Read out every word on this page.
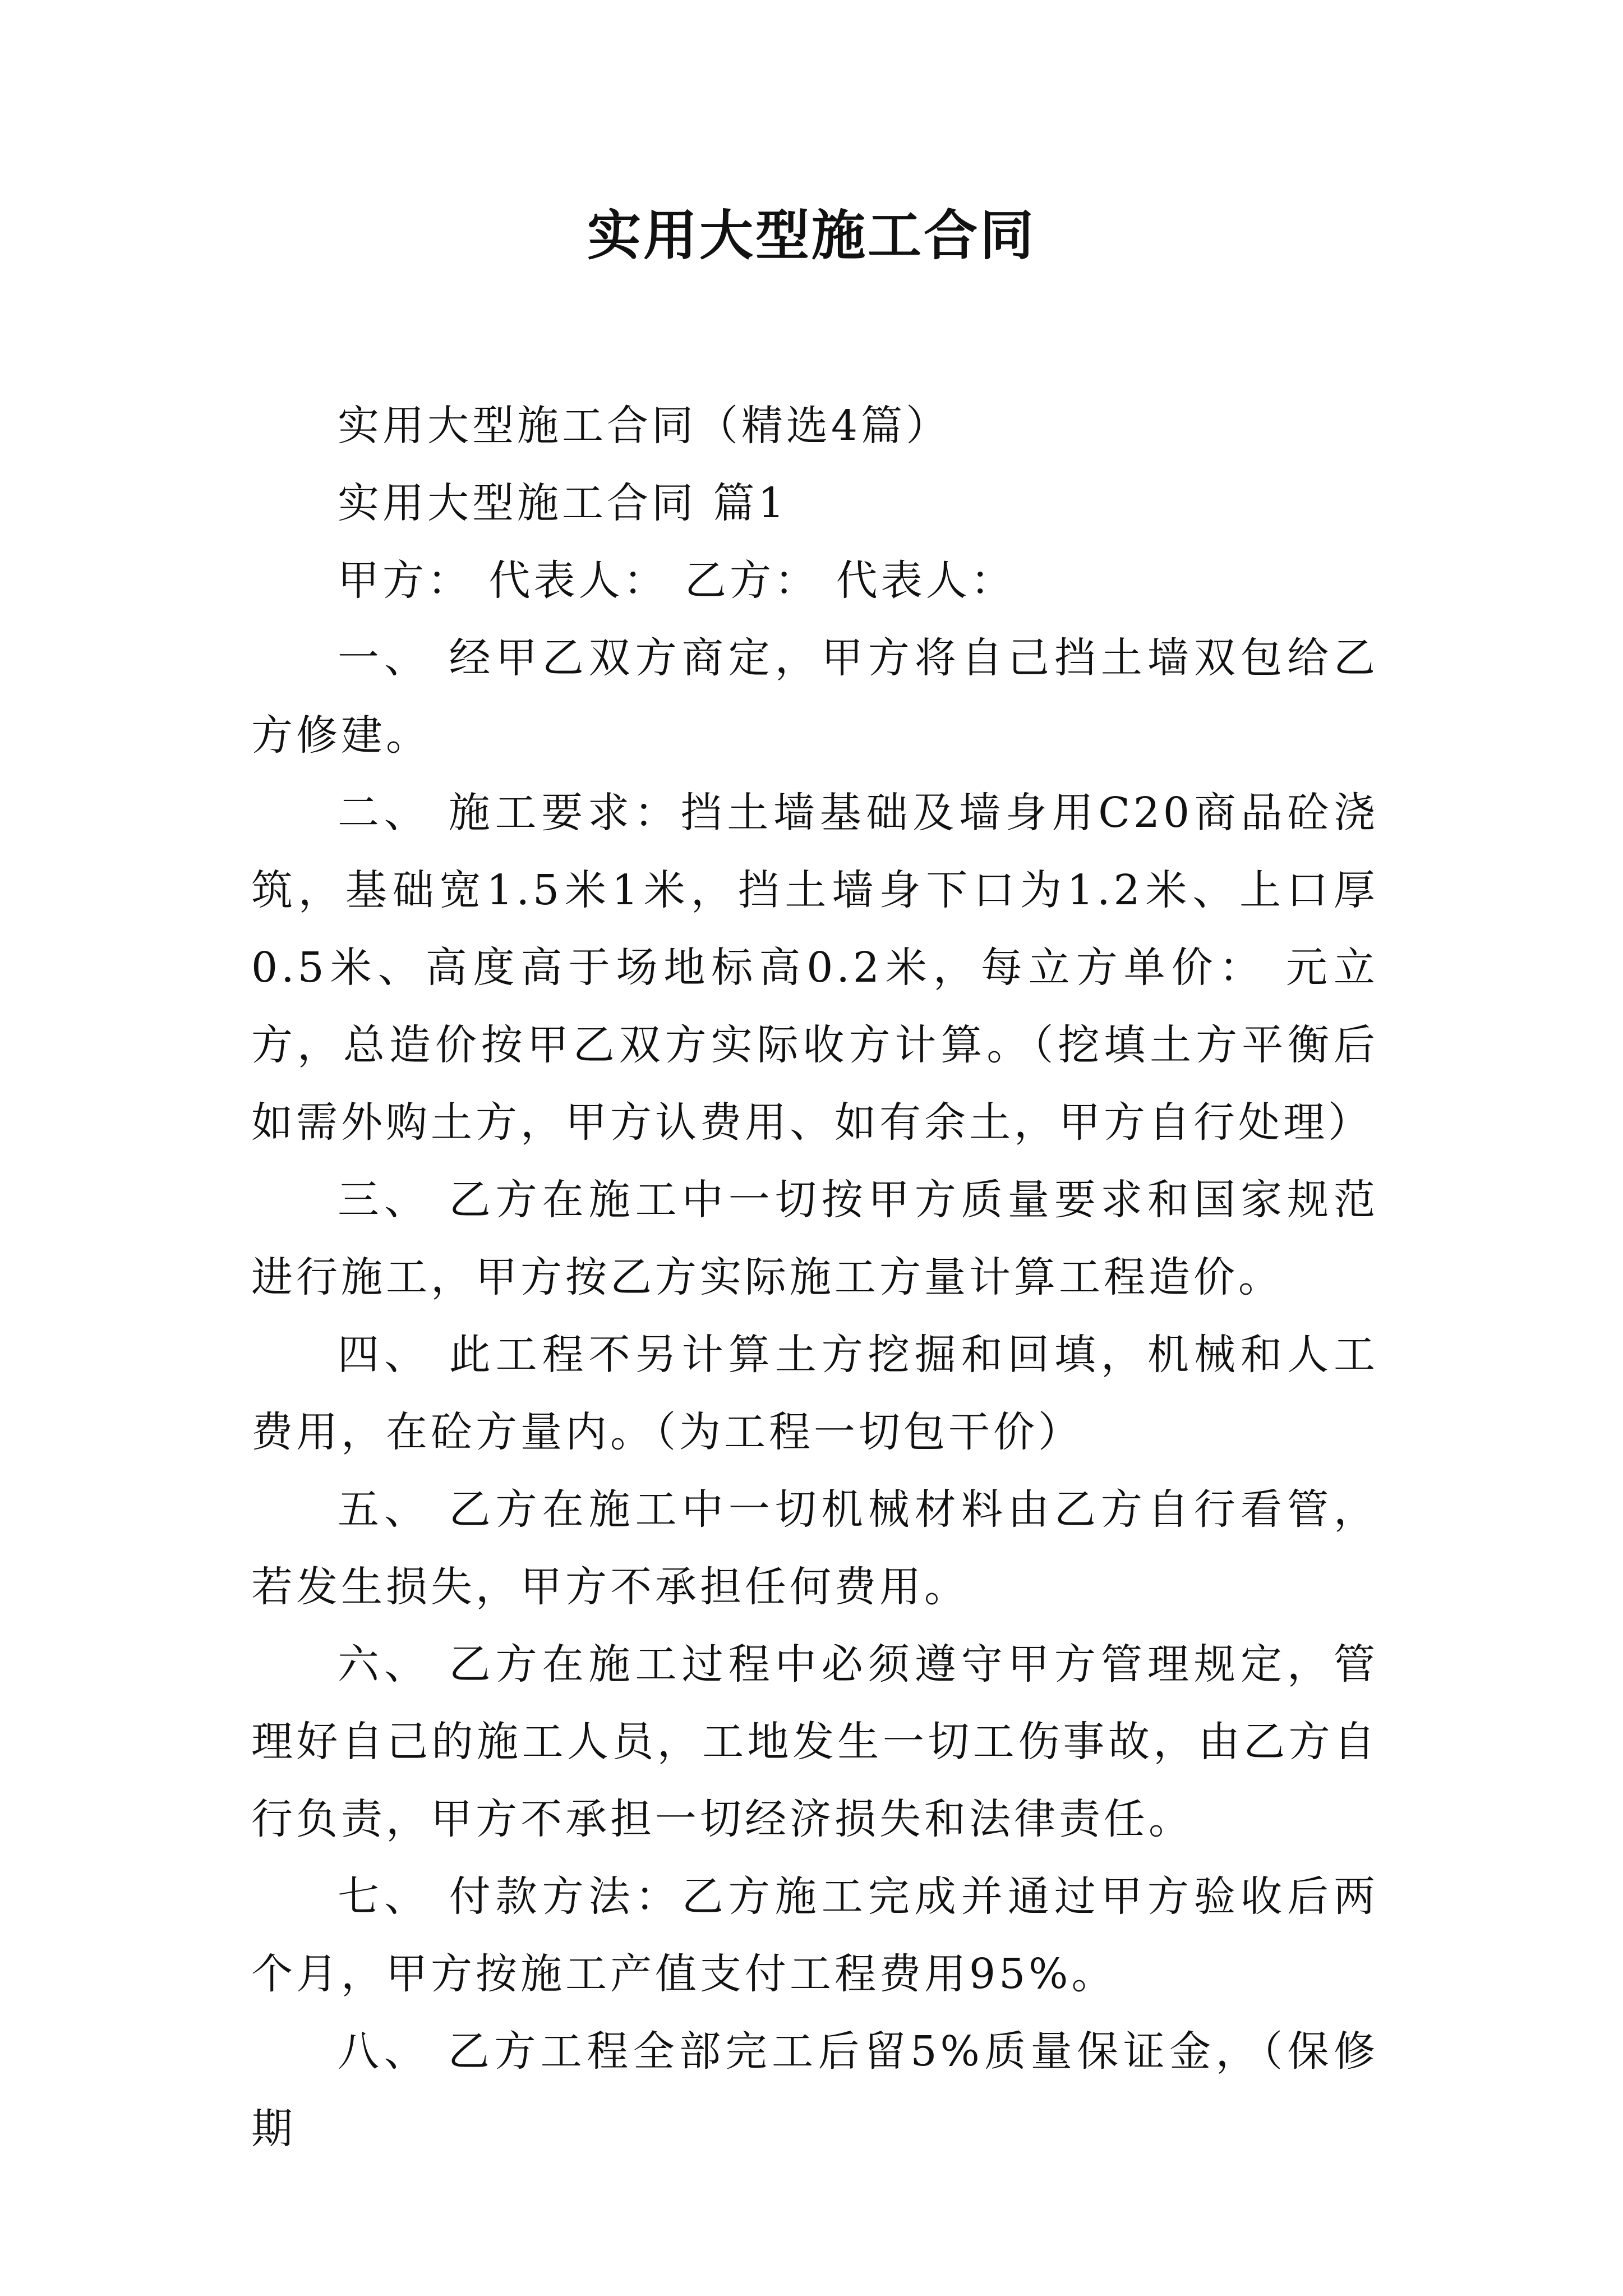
实用大型施工合同

实用大型施工合同（精选4篇）

实用大型施工合同 篇1

甲方： 代表人： 乙方： 代表人：

一、 经甲乙双方商定，甲方将自己挡土墙双包给乙方修建。

二、 施工要求：挡土墙基础及墙身用C20商品砼浇筑，基础宽1.5米1米，挡土墙身下口为1.2米、上口厚0.5米、高度高于场地标高0.2米，每立方单价： 元立方，总造价按甲乙双方实际收方计算。（挖填土方平衡后如需外购土方，甲方认费用、如有余土，甲方自行处理）

三、 乙方在施工中一切按甲方质量要求和国家规范进行施工，甲方按乙方实际施工方量计算工程造价。

四、 此工程不另计算土方挖掘和回填，机械和人工费用，在砼方量内。（为工程一切包干价）

五、 乙方在施工中一切机械材料由乙方自行看管，若发生损失，甲方不承担任何费用。

六、 乙方在施工过程中必须遵守甲方管理规定，管理好自己的施工人员，工地发生一切工伤事故，由乙方自行负责，甲方不承担一切经济损失和法律责任。

七、 付款方法：乙方施工完成并通过甲方验收后两个月，甲方按施工产值支付工程费用95%。

八、 乙方工程全部完工后留5%质量保证金，（保修期
